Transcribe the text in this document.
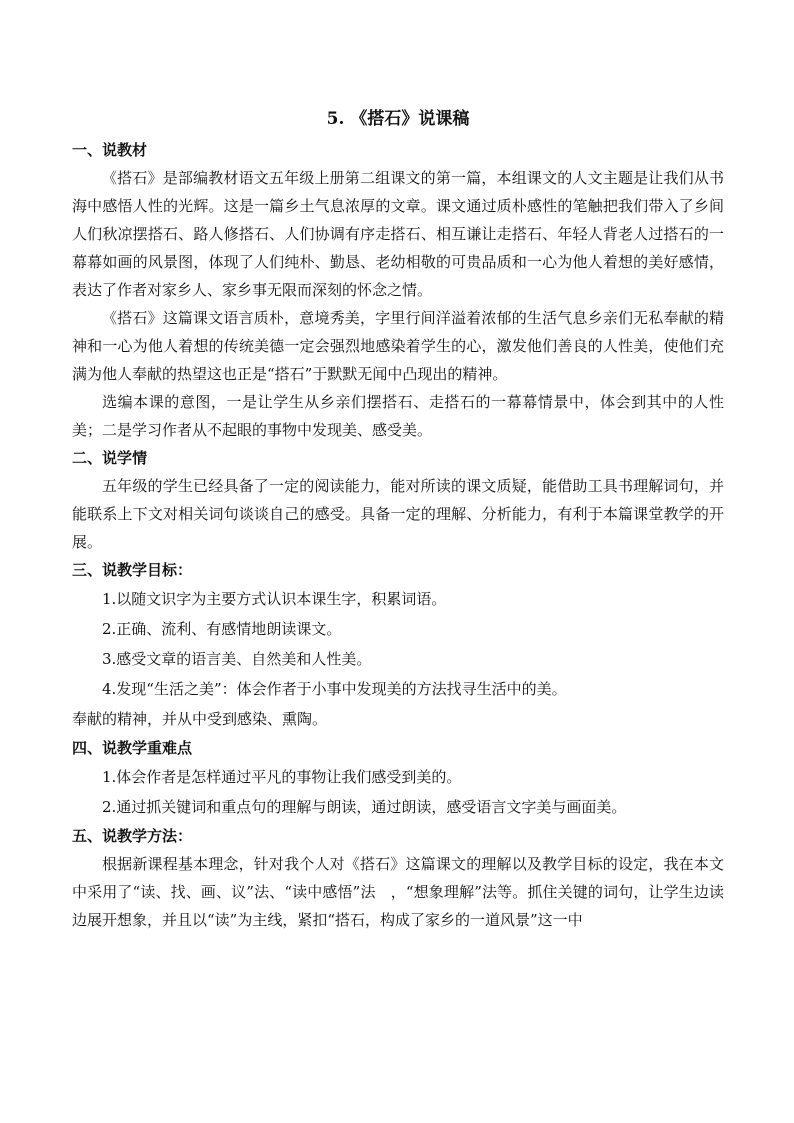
5. 《搭石》说课稿
一、说教材

《搭石》是部编教材语文五年级上册第二组课文的第一篇，本组课文的人文主题是让我们从书海中感悟人性的光辉。这是一篇乡土气息浓厚的文章。课文通过质朴感性的笔触把我们带入了乡间人们秋凉摆搭石、路人修搭石、人们协调有序走搭石、相互谦让走搭石、年轻人背老人过搭石的一幕幕如画的风景图，体现了人们纯朴、勤恳、老幼相敬的可贵品质和一心为他人着想的美好感情，表达了作者对家乡人、家乡事无限而深刻的怀念之情。

《搭石》这篇课文语言质朴，意境秀美，字里行间洋溢着浓郁的生活气息乡亲们无私奉献的精神和一心为他人着想的传统美德一定会强烈地感染着学生的心，激发他们善良的人性美，使他们充满为他人奉献的热望这也正是“搭石”于默默无闻中凸现出的精神。

选编本课的意图，一是让学生从乡亲们摆搭石、走搭石的一幕幕情景中，体会到其中的人性美；二是学习作者从不起眼的事物中发现美、感受美。

二、说学情

五年级的学生已经具备了一定的阅读能力，能对所读的课文质疑，能借助工具书理解词句，并能联系上下文对相关词句谈谈自己的感受。具备一定的理解、分析能力，有利于本篇课堂教学的开展。

三、说教学目标：
1.以随文识字为主要方式认识本课生字，积累词语。
2.正确、流利、有感情地朗读课文。
3.感受文章的语言美、自然美和人性美。
4.发现“生活之美”：体会作者于小事中发现美的方法找寻生活中的美。
奉献的精神，并从中受到感染、熏陶。
四、说教学重难点
1.体会作者是怎样通过平凡的事物让我们感受到美的。
2.通过抓关键词和重点句的理解与朗读，通过朗读，感受语言文字美与画面美。
五、说教学方法：

根据新课程基本理念，针对我个人对《搭石》这篇课文的理解以及教学目标的设定，我在本文中采用了“读、找、画、议”法、“读中感悟”法　，“想象理解”法等。抓住关键的词句，让学生边读边展开想象，并且以“读”为主线，紧扣“搭石，构成了家乡的一道风景”这一中
